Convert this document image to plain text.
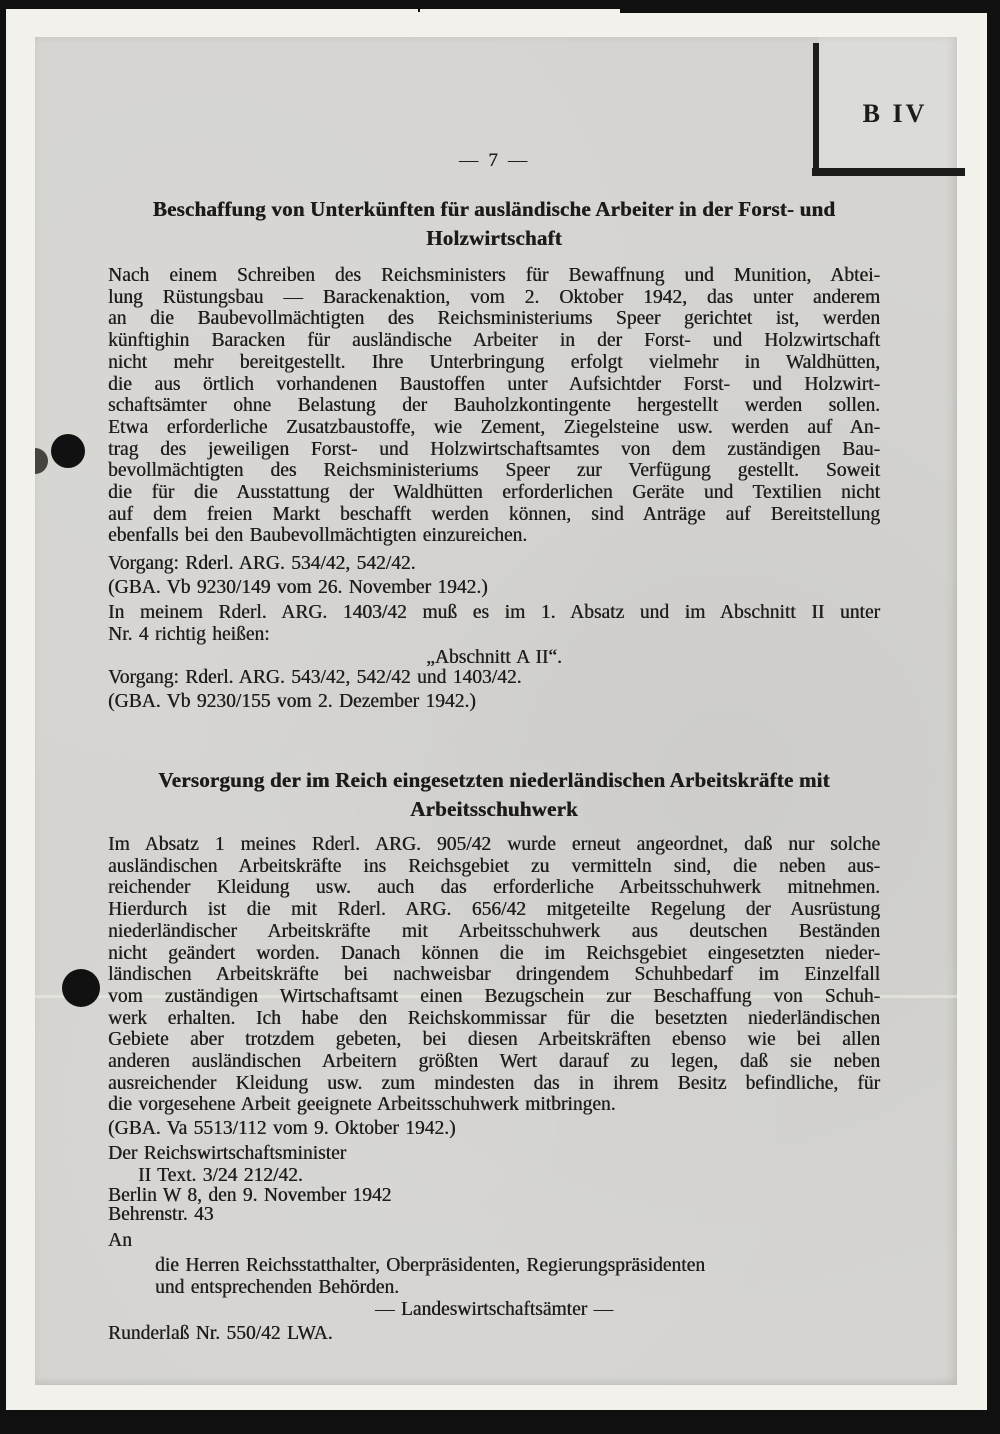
B IV
— 7 —
Beschaffung von Unterkünften für ausländische Arbeiter in der Forst- und
Holzwirtschaft
Nach einem Schreiben des Reichsministers für Bewaffnung und Munition, Abtei-
lung Rüstungsbau — Barackenaktion, vom 2. Oktober 1942, das unter anderem
an die Baubevollmächtigten des Reichsministeriums Speer gerichtet ist, werden
künftighin Baracken für ausländische Arbeiter in der Forst- und Holzwirtschaft
nicht mehr bereitgestellt. Ihre Unterbringung erfolgt vielmehr in Waldhütten,
die aus örtlich vorhandenen Baustoffen unter Aufsichtder Forst- und Holzwirt-
schaftsämter ohne Belastung der Bauholzkontingente hergestellt werden sollen.
Etwa erforderliche Zusatzbaustoffe, wie Zement, Ziegelsteine usw. werden auf An-
trag des jeweiligen Forst- und Holzwirtschaftsamtes von dem zuständigen Bau-
bevollmächtigten des Reichsministeriums Speer zur Verfügung gestellt. Soweit
die für die Ausstattung der Waldhütten erforderlichen Geräte und Textilien nicht
auf dem freien Markt beschafft werden können, sind Anträge auf Bereitstellung
ebenfalls bei den Baubevollmächtigten einzureichen.
Vorgang: Rderl. ARG. 534/42, 542/42.
(GBA. Vb 9230/149 vom 26. November 1942.)
In meinem Rderl. ARG. 1403/42 muß es im 1. Absatz und im Abschnitt II unter
Nr. 4 richtig heißen:
„Abschnitt A II“.
Vorgang: Rderl. ARG. 543/42, 542/42 und 1403/42.
(GBA. Vb 9230/155 vom 2. Dezember 1942.)
Versorgung der im Reich eingesetzten niederländischen Arbeitskräfte mit
Arbeitsschuhwerk
Im Absatz 1 meines Rderl. ARG. 905/42 wurde erneut angeordnet, daß nur solche
ausländischen Arbeitskräfte ins Reichsgebiet zu vermitteln sind, die neben aus-
reichender Kleidung usw. auch das erforderliche Arbeitsschuhwerk mitnehmen.
Hierdurch ist die mit Rderl. ARG. 656/42 mitgeteilte Regelung der Ausrüstung
niederländischer Arbeitskräfte mit Arbeitsschuhwerk aus deutschen Beständen
nicht geändert worden. Danach können die im Reichsgebiet eingesetzten nieder-
ländischen Arbeitskräfte bei nachweisbar dringendem Schuhbedarf im Einzelfall
vom zuständigen Wirtschaftsamt einen Bezugschein zur Beschaffung von Schuh-
werk erhalten. Ich habe den Reichskommissar für die besetzten niederländischen
Gebiete aber trotzdem gebeten, bei diesen Arbeitskräften ebenso wie bei allen
anderen ausländischen Arbeitern größten Wert darauf zu legen, daß sie neben
ausreichender Kleidung usw. zum mindesten das in ihrem Besitz befindliche, für
die vorgesehene Arbeit geeignete Arbeitsschuhwerk mitbringen.
(GBA. Va 5513/112 vom 9. Oktober 1942.)
Der Reichswirtschaftsminister
II Text. 3/24 212/42.
Berlin W 8, den 9. November 1942
Behrenstr. 43
An
die Herren Reichsstatthalter, Oberpräsidenten, Regierungspräsidenten
und entsprechenden Behörden.
— Landeswirtschaftsämter —
Runderlaß Nr. 550/42 LWA.
